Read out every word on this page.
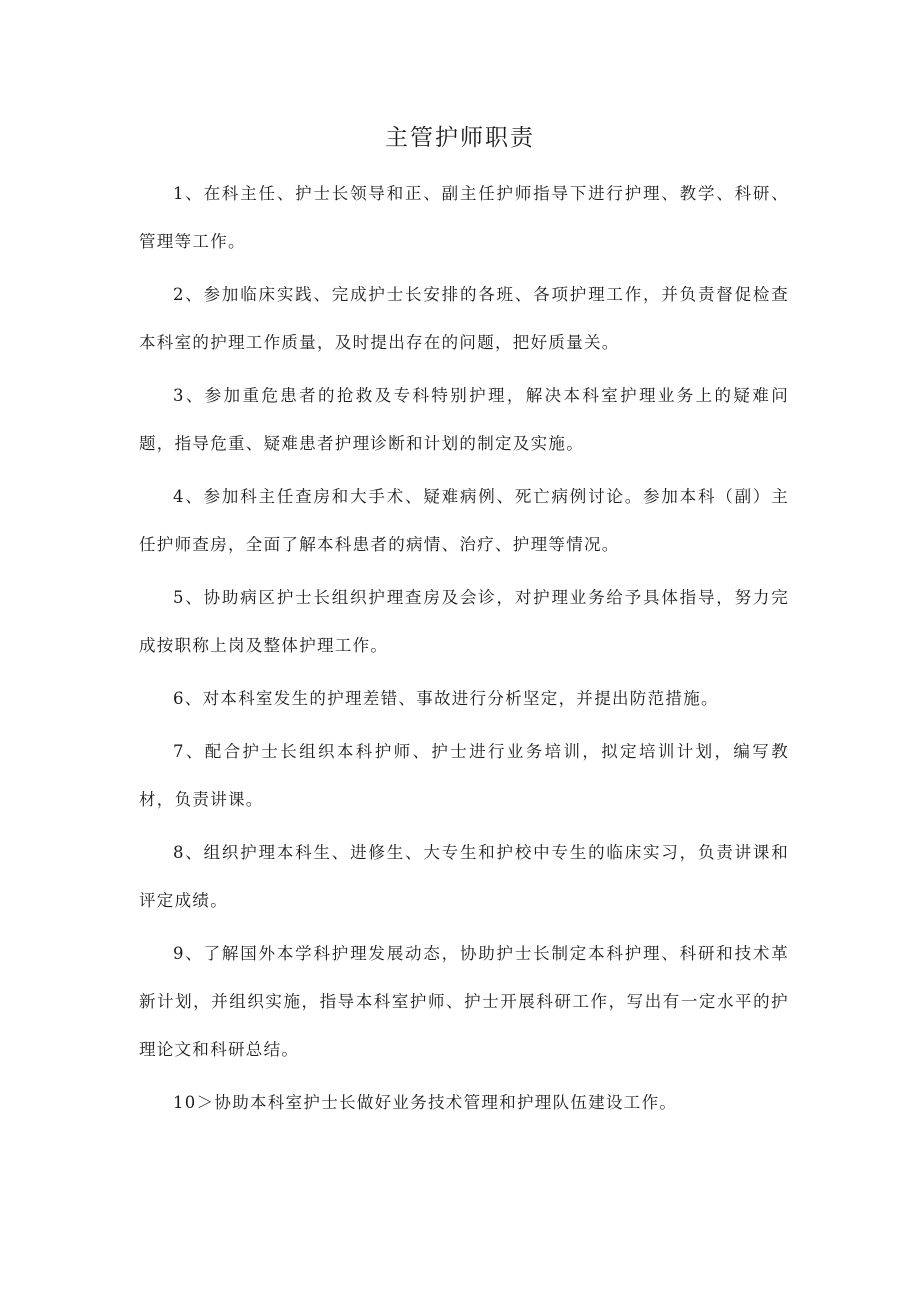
主管护师职责
1、在科主任、护士长领导和正、副主任护师指导下进行护理、教学、科研、管理等工作。
2、参加临床实践、完成护士长安排的各班、各项护理工作，并负责督促检查本科室的护理工作质量，及时提出存在的问题，把好质量关。
3、参加重危患者的抢救及专科特别护理，解决本科室护理业务上的疑难问题，指导危重、疑难患者护理诊断和计划的制定及实施。
4、参加科主任查房和大手术、疑难病例、死亡病例讨论。参加本科（副）主任护师查房，全面了解本科患者的病情、治疗、护理等情况。
5、协助病区护士长组织护理查房及会诊，对护理业务给予具体指导，努力完成按职称上岗及整体护理工作。
6、对本科室发生的护理差错、事故进行分析坚定，并提出防范措施。
7、配合护士长组织本科护师、护士进行业务培训，拟定培训计划，编写教材，负责讲课。
8、组织护理本科生、进修生、大专生和护校中专生的临床实习，负责讲课和评定成绩。
9、了解国外本学科护理发展动态，协助护士长制定本科护理、科研和技术革新计划，并组织实施，指导本科室护师、护士开展科研工作，写出有一定水平的护理论文和科研总结。
10＞协助本科室护士长做好业务技术管理和护理队伍建设工作。
